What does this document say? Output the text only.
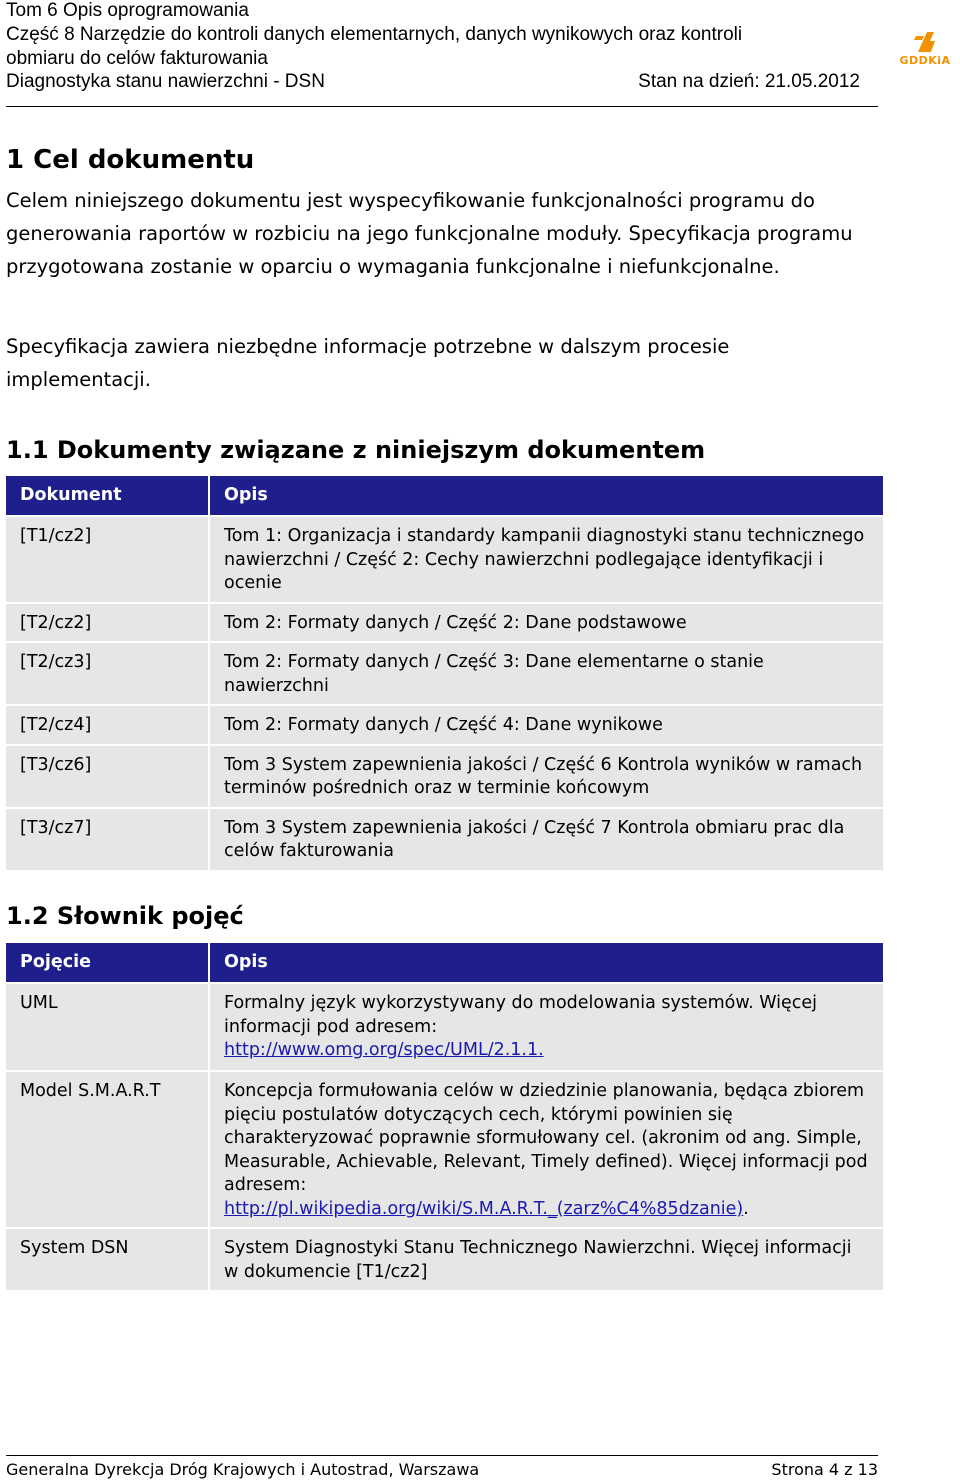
Tom 6 Opis oprogramowania
Część 8 Narzędzie do kontroli danych elementarnych, danych wynikowych oraz kontroli
obmiaru do celów fakturowania
Diagnostyka stanu nawierzchni - DSN	Stan na dzień: 21.05.2012
GDDKiA
1 Cel dokumentu
Celem niniejszego dokumentu jest wyspecyfikowanie funkcjonalności programu do generowania raportów w rozbiciu na jego funkcjonalne moduły. Specyfikacja programu przygotowana zostanie w oparciu o wymagania funkcjonalne i niefunkcjonalne.
Specyfikacja zawiera niezbędne informacje potrzebne w dalszym procesie implementacji.
1.1 Dokumenty związane z niniejszym dokumentem
Dokument	Opis
[T1/cz2]	Tom 1: Organizacja i standardy kampanii diagnostyki stanu technicznego nawierzchni / Część 2: Cechy nawierzchni podlegające identyfikacji i ocenie
[T2/cz2]	Tom 2: Formaty danych / Część 2: Dane podstawowe
[T2/cz3]	Tom 2: Formaty danych / Część 3: Dane elementarne o stanie nawierzchni
[T2/cz4]	Tom 2: Formaty danych / Część 4: Dane wynikowe
[T3/cz6]	Tom 3 System zapewnienia jakości / Część 6 Kontrola wyników w ramach terminów pośrednich oraz w terminie końcowym
[T3/cz7]	Tom 3 System zapewnienia jakości / Część 7 Kontrola obmiaru prac dla celów fakturowania
1.2 Słownik pojęć
Pojęcie	Opis
UML	Formalny język wykorzystywany do modelowania systemów. Więcej informacji pod adresem:
http://www.omg.org/spec/UML/2.1.1.
Model S.M.A.R.T	Koncepcja formułowania celów w dziedzinie planowania, będąca zbiorem pięciu postulatów dotyczących cech, którymi powinien się charakteryzować poprawnie sformułowany cel. (akronim od ang. Simple, Measurable, Achievable, Relevant, Timely defined). Więcej informacji pod adresem:
http://pl.wikipedia.org/wiki/S.M.A.R.T._(zarz%C4%85dzanie).
System DSN	System Diagnostyki Stanu Technicznego Nawierzchni. Więcej informacji w dokumencie [T1/cz2]
Generalna Dyrekcja Dróg Krajowych i Autostrad, Warszawa	Strona 4 z 13
